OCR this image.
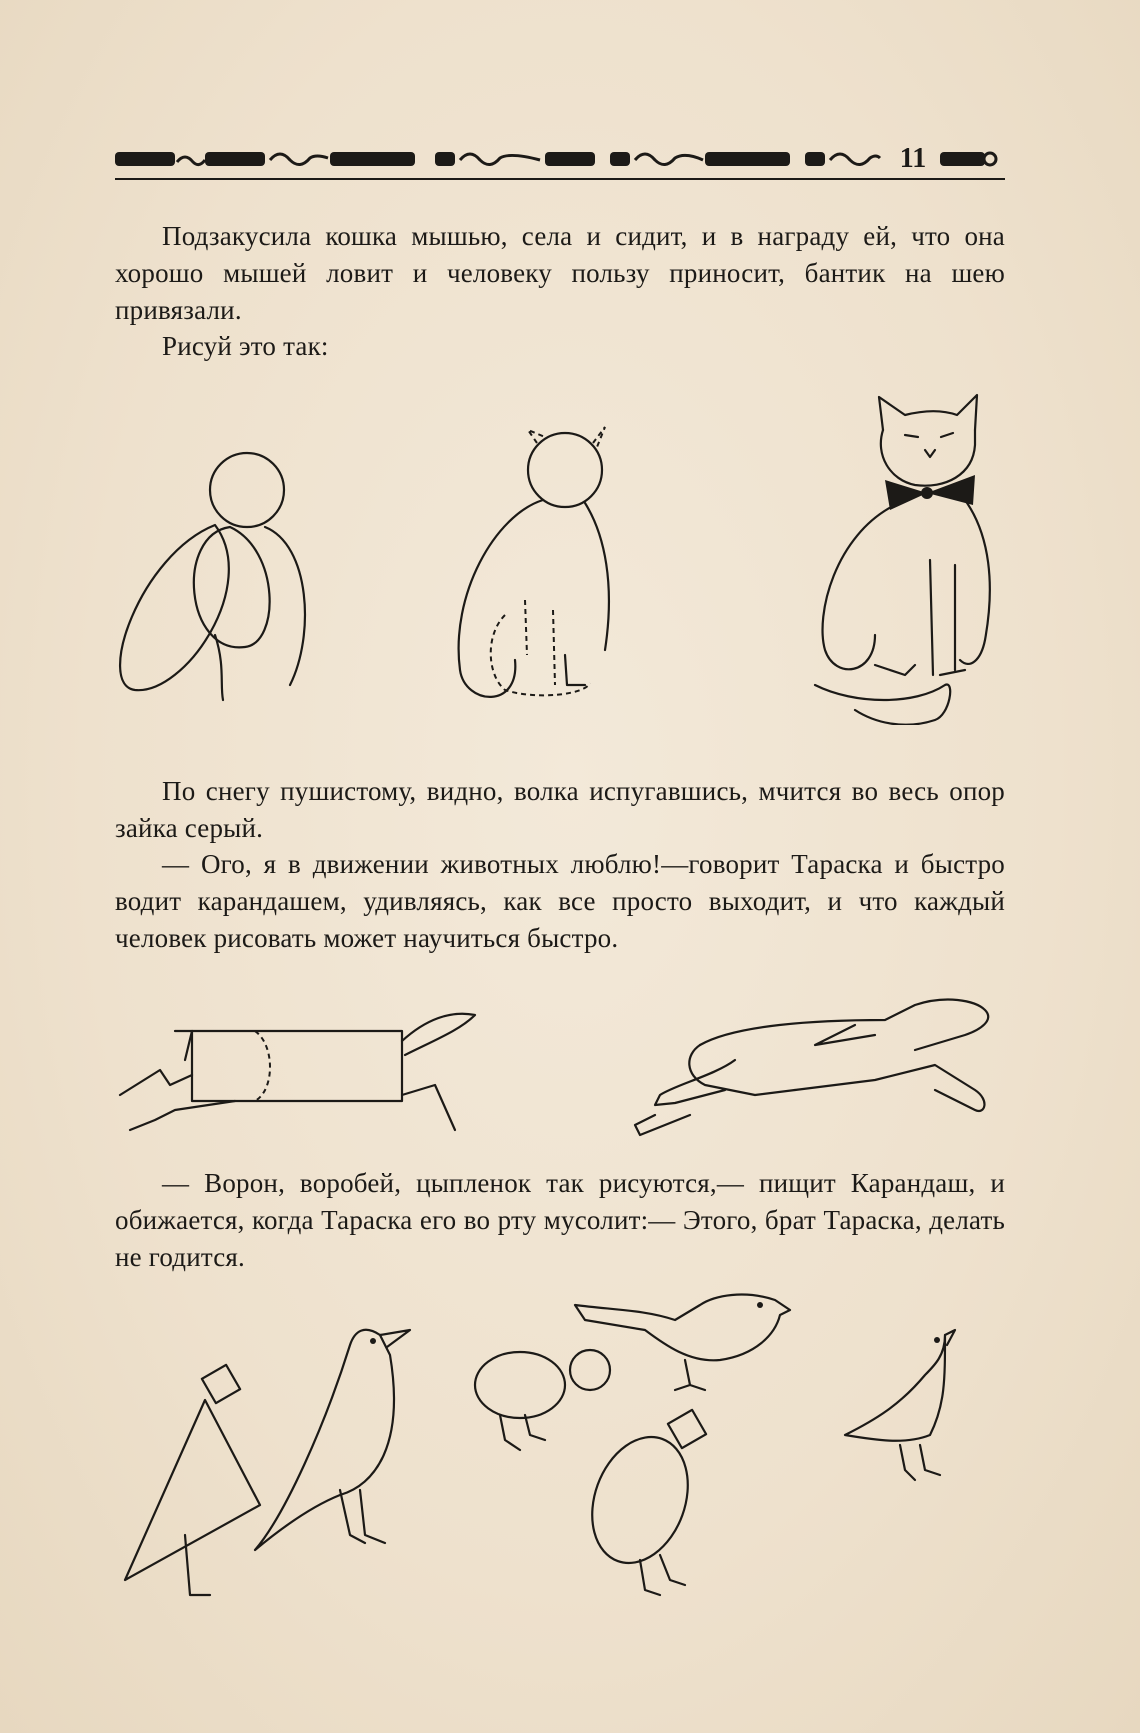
11
Подзакусила кошка мышью, села и сидит, и в награду ей, что она хорошо мышей ловит и человеку пользу приносит, бантик на шею привязали.
Рисуй это так:
По снегу пушистому, видно, волка испугавшись, мчится во весь опор зайка серый.
— Ого, я в движении животных люблю!—говорит Тараска и быстро водит карандашем, удивляясь, как все просто выходит, и что каждый человек рисовать может научиться быстро.
— Ворон, воробей, цыпленок так рисуются,— пищит Карандаш, и обижается, когда Тараска его во рту мусолит:— Этого, брат Тараска, делать не годится.
